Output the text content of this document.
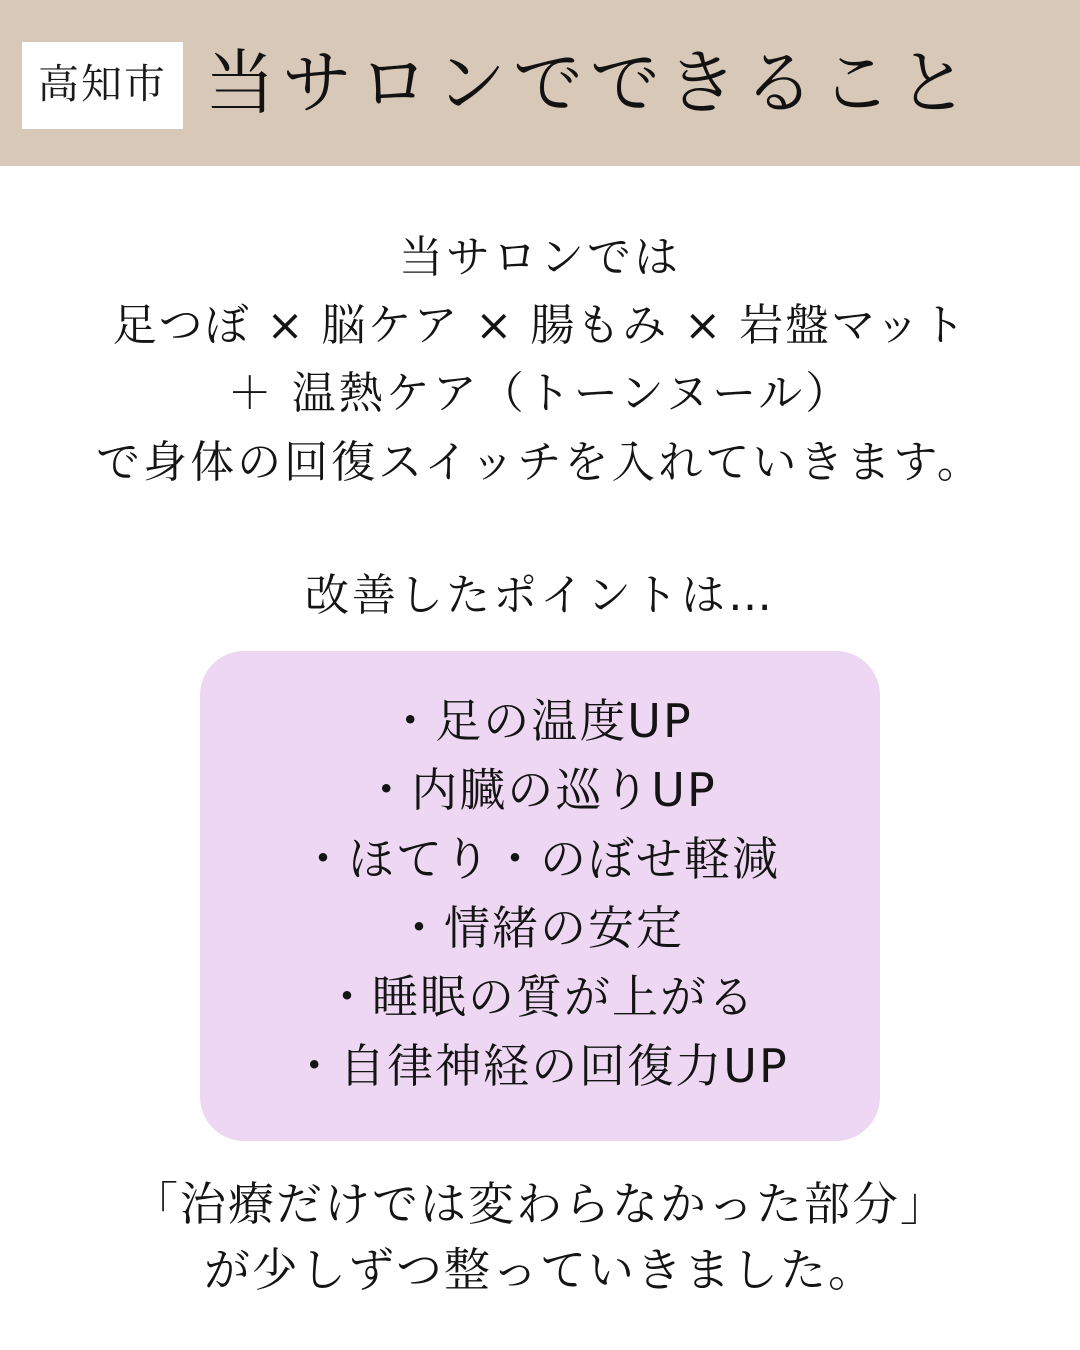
高知市 当サロンでできること
当サロンでは
足つぼ × 脳ケア × 腸もみ × 岩盤マット
＋ 温熱ケア（トーンヌール）
で身体の回復スイッチを入れていきます。
改善したポイントは…
・足の温度UP
・内臓の巡りUP
・ほてり・のぼせ軽減
・情緒の安定
・睡眠の質が上がる
・自律神経の回復力UP
「治療だけでは変わらなかった部分」
が少しずつ整っていきました。
